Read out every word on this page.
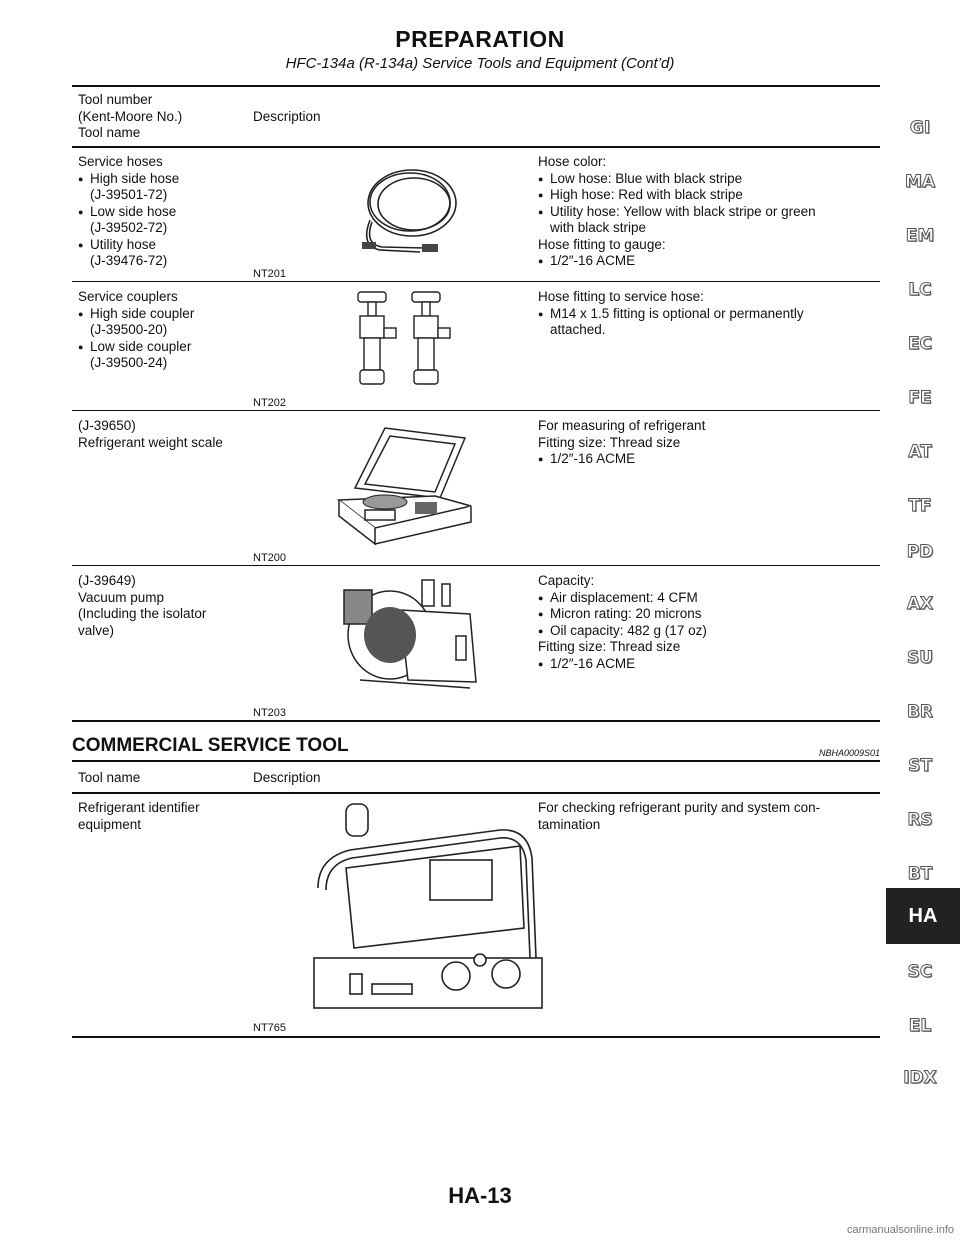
PREPARATION
HFC-134a (R-134a) Service Tools and Equipment (Cont’d)
Tool number
(Kent-Moore No.)
Tool name
Description
Service hoses
● High side hose
(J-39501-72)
● Low side hose
(J-39502-72)
● Utility hose
(J-39476-72)
NT201
Hose color:
● Low hose: Blue with black stripe
● High hose: Red with black stripe
● Utility hose: Yellow with black stripe or green
with black stripe
Hose fitting to gauge:
● 1/2″-16 ACME
Service couplers
● High side coupler
(J-39500-20)
● Low side coupler
(J-39500-24)
NT202
Hose fitting to service hose:
● M14 x 1.5 fitting is optional or permanently
attached.
(J-39650)
Refrigerant weight scale
NT200
For measuring of refrigerant
Fitting size: Thread size
● 1/2″-16 ACME
(J-39649)
Vacuum pump
(Including the isolator
valve)
NT203
Capacity:
● Air displacement: 4 CFM
● Micron rating: 20 microns
● Oil capacity: 482 g (17 oz)
Fitting size: Thread size
● 1/2″-16 ACME
COMMERCIAL SERVICE TOOL	NBHA0009S01
Tool name	Description
Refrigerant identifier
equipment
NT765
For checking refrigerant purity and system con-
tamination
GI
MA
EM
LC
EC
FE
AT
TF
PD
AX
SU
BR
ST
RS
BT
HA
SC
EL
IDX
HA-13
carmanualsonline.info
